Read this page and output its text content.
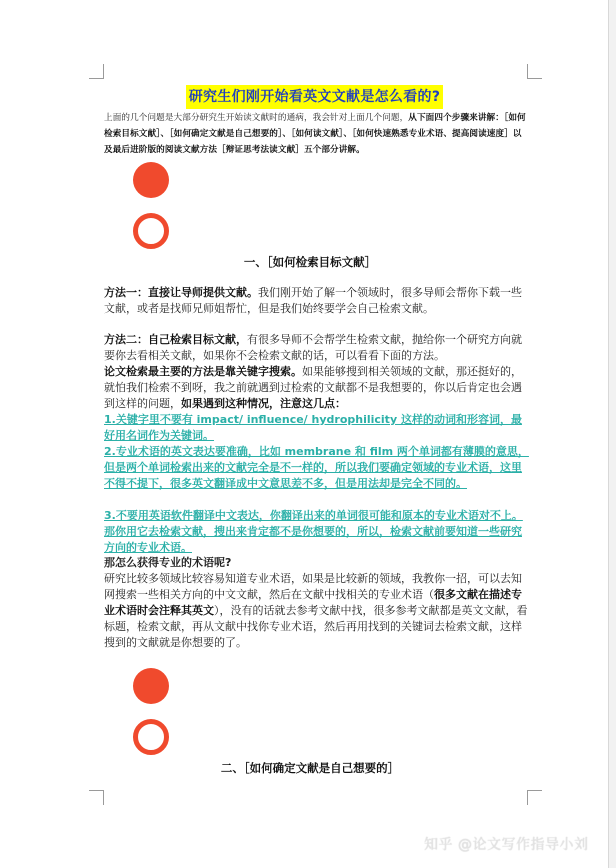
研究生们刚开始看英文文献是怎么看的?
上面的几个问题是大部分研究生开始读文献时的通病，我会针对上面几个问题，从下面四个步骤来讲解：［如何检索目标文献］、［如何确定文献是自己想要的］、［如何读文献］、［如何快速熟悉专业术语、提高阅读速度］以及最后进阶版的阅读文献方法［辩证思考法读文献］五个部分讲解。
一、［如何检索目标文献］
方法一：直接让导师提供文献。我们刚开始了解一个领域时，很多导师会帮你下载一些文献，或者是找师兄师姐帮忙，但是我们始终要学会自己检索文献。
方法二：自己检索目标文献，有很多导师不会帮学生检索文献，抛给你一个研究方向就要你去看相关文献，如果你不会检索文献的话，可以看看下面的方法。
论文检索最主要的方法是靠关键字搜索。如果能够搜到相关领域的文献，那还挺好的，就怕我们检索不到呀，我之前就遇到过检索的文献都不是我想要的，你以后肯定也会遇到这样的问题，如果遇到这种情况，注意这几点：
1.关键字里不要有 impact/ influence/ hydrophilicity 这样的动词和形容词，最好用名词作为关键词。
2.专业术语的英文表达要准确，比如 membrane 和 film 两个单词都有薄膜的意思，但是两个单词检索出来的文献完全是不一样的，所以我们要确定领域的专业术语，这里不得不提下，很多英文翻译成中文意思差不多，但是用法却是完全不同的。
3.不要用英语软件翻译中文表达，你翻译出来的单词很可能和原本的专业术语对不上。那你用它去检索文献，搜出来肯定都不是你想要的，所以，检索文献前要知道一些研究方向的专业术语。
那怎么获得专业的术语呢?
研究比较多领域比较容易知道专业术语，如果是比较新的领域，我教你一招，可以去知网搜索一些相关方向的中文文献，然后在文献中找相关的专业术语（很多文献在描述专业术语时会注释其英文），没有的话就去参考文献中找，很多参考文献都是英文文献，看标题，检索文献，再从文献中找你专业术语，然后再用找到的关键词去检索文献，这样搜到的文献就是你想要的了。
二、［如何确定文献是自己想要的］
知乎 @论文写作指导小刘
